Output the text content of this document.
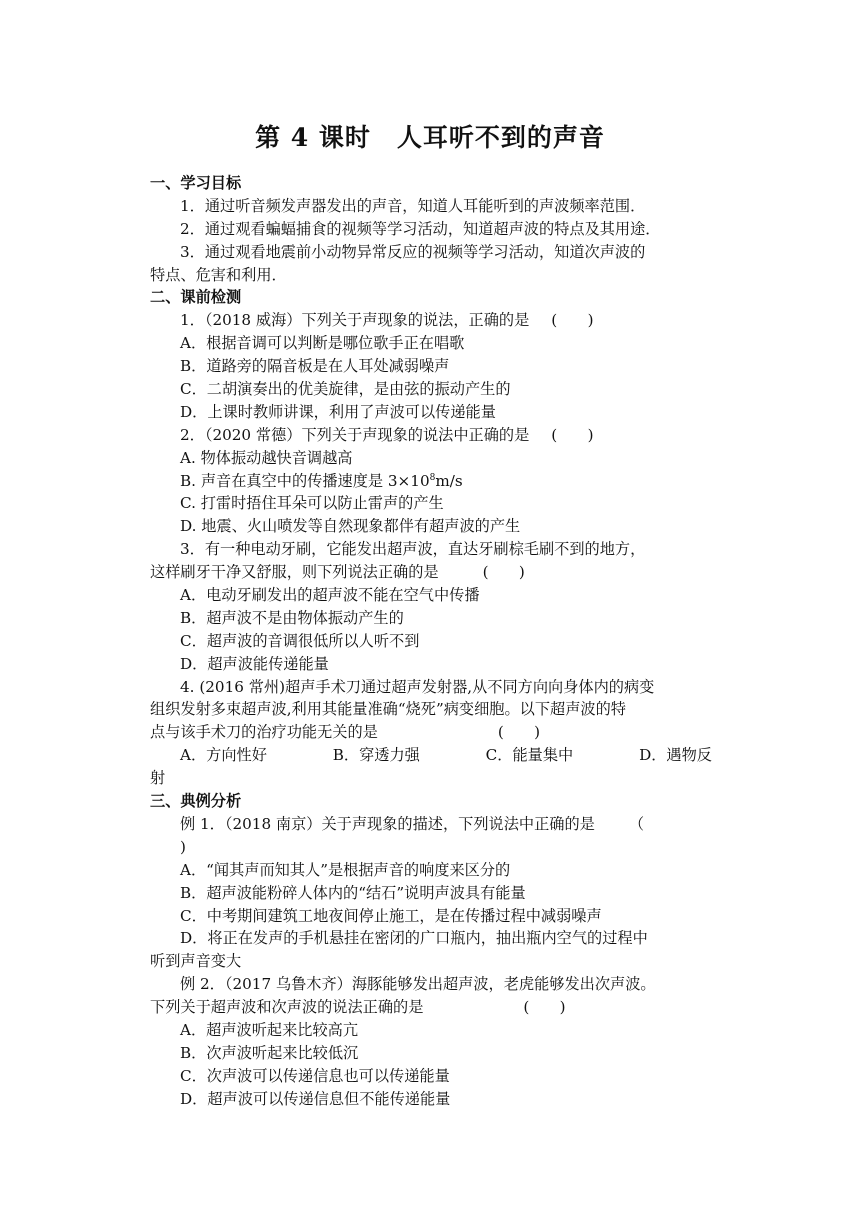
第 4 课时　人耳听不到的声音
一、学习目标
1．通过听音频发声器发出的声音，知道人耳能听到的声波频率范围．
2．通过观看蝙蝠捕食的视频等学习活动，知道超声波的特点及其用途．
3．通过观看地震前小动物异常反应的视频等学习活动，知道次声波的
特点、危害和利用．
二、课前检测
1．（2018 威海）下列关于声现象的说法，正确的是 (　　)
A．根据音调可以判断是哪位歌手正在唱歌
B．道路旁的隔音板是在人耳处减弱噪声
C．二胡演奏出的优美旋律，是由弦的振动产生的
D．上课时教师讲课，利用了声波可以传递能量
2．（2020 常德）下列关于声现象的说法中正确的是 (　　)
A. 物体振动越快音调越高
B. 声音在真空中的传播速度是 $3\times 10^8m/s$
C. 打雷时捂住耳朵可以防止雷声的产生
D. 地震、火山喷发等自然现象都伴有超声波的产生
3．有一种电动牙刷，它能发出超声波，直达牙刷棕毛刷不到的地方，
这样刷牙干净又舒服，则下列说法正确的是	(　　)
A．电动牙刷发出的超声波不能在空气中传播
B．超声波不是由物体振动产生的
C．超声波的音调很低所以人听不到
D．超声波能传递能量
4. (2016 常州)超声手术刀通过超声发射器,从不同方向向身体内的病变
组织发射多束超声波,利用其能量准确“烧死”病变细胞。以下超声波的特
点与该手术刀的治疗功能无关的是	(　　)
A．方向性好	B．穿透力强	C．能量集中	D．遇物反
射
三、典例分析
例 1．（2018 南京）关于声现象的描述，下列说法中正确的是 （
)
A．“闻其声而知其人”是根据声音的响度来区分的
B．超声波能粉碎人体内的“结石”说明声波具有能量
C．中考期间建筑工地夜间停止施工，是在传播过程中减弱噪声
D．将正在发声的手机悬挂在密闭的广口瓶内，抽出瓶内空气的过程中
听到声音变大
例 2．（2017 乌鲁木齐）海豚能够发出超声波，老虎能够发出次声波。
下列关于超声波和次声波的说法正确的是	(　　)
A．超声波听起来比较高亢
B．次声波听起来比较低沉
C．次声波可以传递信息也可以传递能量
D．超声波可以传递信息但不能传递能量
